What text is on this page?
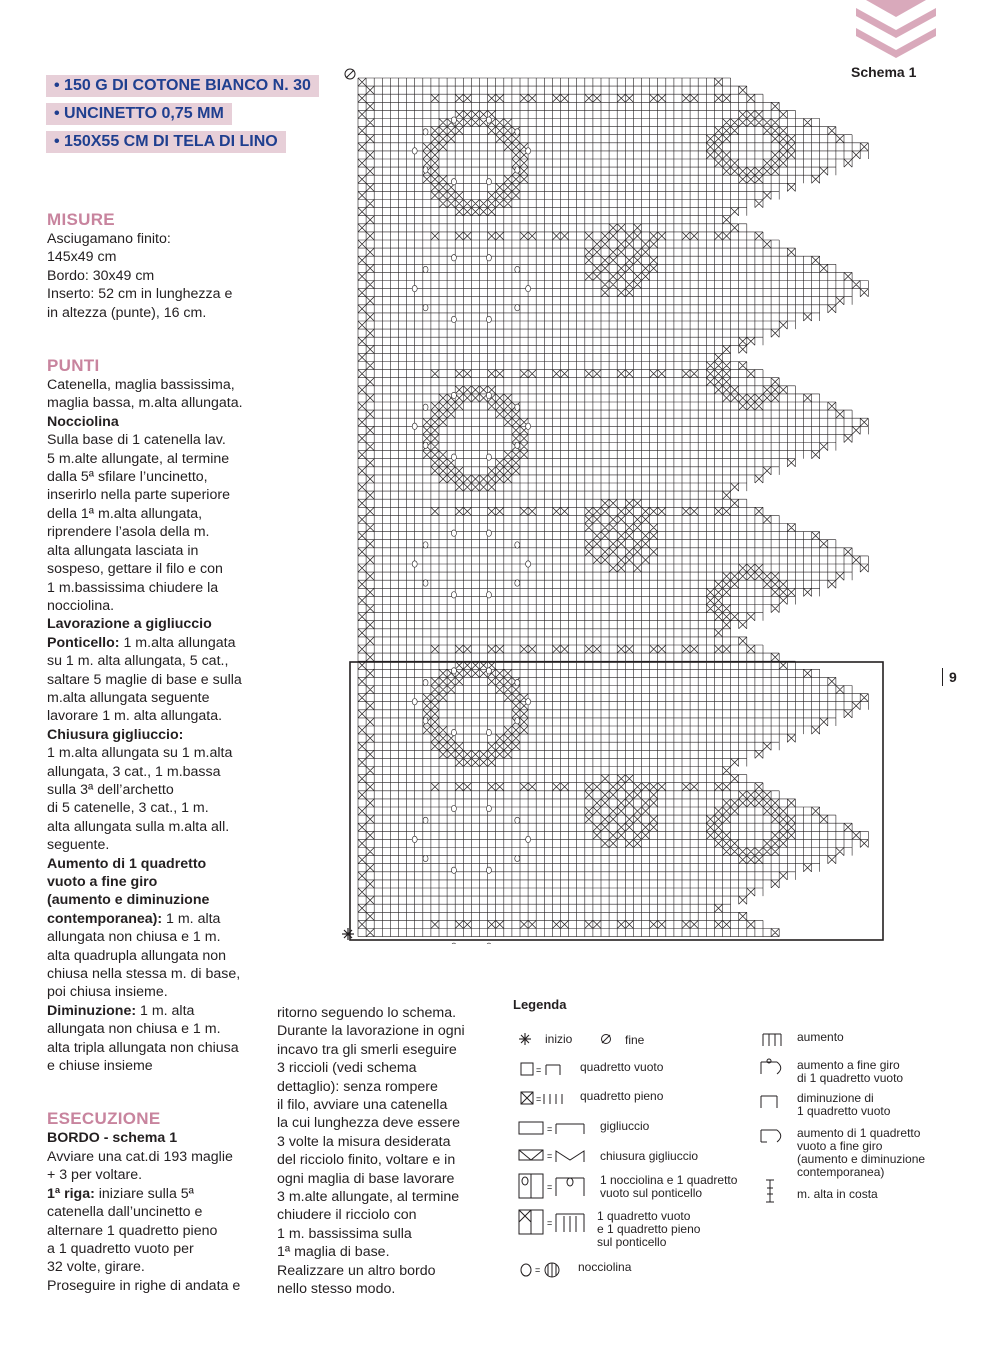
Schema 1
9
• 150 G DI COTONE BIANCO N. 30
• UNCINETTO 0,75 MM
• 150X55 CM DI TELA DI LINO

MISURE

Asciugamano finito:

145x49 cm

Bordo: 30x49 cm

Inserto: 52 cm in lunghezza e

in altezza (punte), 16 cm.

PUNTI

Catenella, maglia bassissima,

maglia bassa, m.alta allungata.

Nocciolina

Sulla base di 1 catenella lav.

5 m.alte allungate, al termine

dalla 5ª sfilare l’uncinetto,

inserirlo nella parte superiore

della 1ª m.alta allungata,

riprendere l’asola della m.

alta allungata lasciata in

sospeso, gettare il filo e con

1 m.bassissima chiudere la

nocciolina.

Lavorazione a gigliuccio

Ponticello: 1 m.alta allungata

su 1 m. alta allungata, 5 cat.,

saltare 5 maglie di base e sulla

m.alta allungata seguente

lavorare 1 m. alta allungata.

Chiusura gigliuccio:

1 m.alta allungata su 1 m.alta

allungata, 3 cat., 1 m.bassa

sulla 3ª dell’archetto

di 5 catenelle, 3 cat., 1 m.

alta allungata sulla m.alta all.

seguente.

Aumento di 1 quadretto

vuoto a fine giro

(aumento e diminuzione

contemporanea): 1 m. alta

allungata non chiusa e 1 m.

alta quadrupla allungata non

chiusa nella stessa m. di base,

poi chiusa insieme.

Diminuzione: 1 m. alta

allungata non chiusa e 1 m.

alta tripla allungata non chiusa

e chiuse insieme

ESECUZIONE

BORDO - schema 1

Avviare una cat.di 193 maglie

+ 3 per voltare.

1ª riga: iniziare sulla 5ª

catenella dall’uncinetto e

alternare 1 quadretto pieno

a 1 quadretto vuoto per

32 volte, girare.

Proseguire in righe di andata e

ritorno seguendo lo schema.

Durante la lavorazione in ogni

incavo tra gli smerli eseguire

3 riccioli (vedi schema

dettaglio): senza rompere

il filo, avviare una catenella

la cui lunghezza deve essere

3 volte la misura desiderata

del ricciolo finito, voltare e in

ogni maglia di base lavorare

3 m.alte allungate, al termine

chiudere il ricciolo con

1 m. bassissima sulla

1ª maglia di base.

Realizzare un altro bordo

nello stesso modo.

Legenda
inizio	fine
=	quadretto vuoto
=	quadretto pieno
=	gigliuccio
=	chiusura gigliuccio
=	1 nocciolina e 1 quadretto
vuoto sul ponticello
=	1 quadretto vuoto
e 1 quadretto pieno
sul ponticello
=	nocciolina
aumento
aumento a fine giro
di 1 quadretto vuoto
diminuzione di
1 quadretto vuoto
aumento di 1 quadretto
vuoto a fine giro
(aumento e diminuzione
contemporanea)
m. alta in costa
